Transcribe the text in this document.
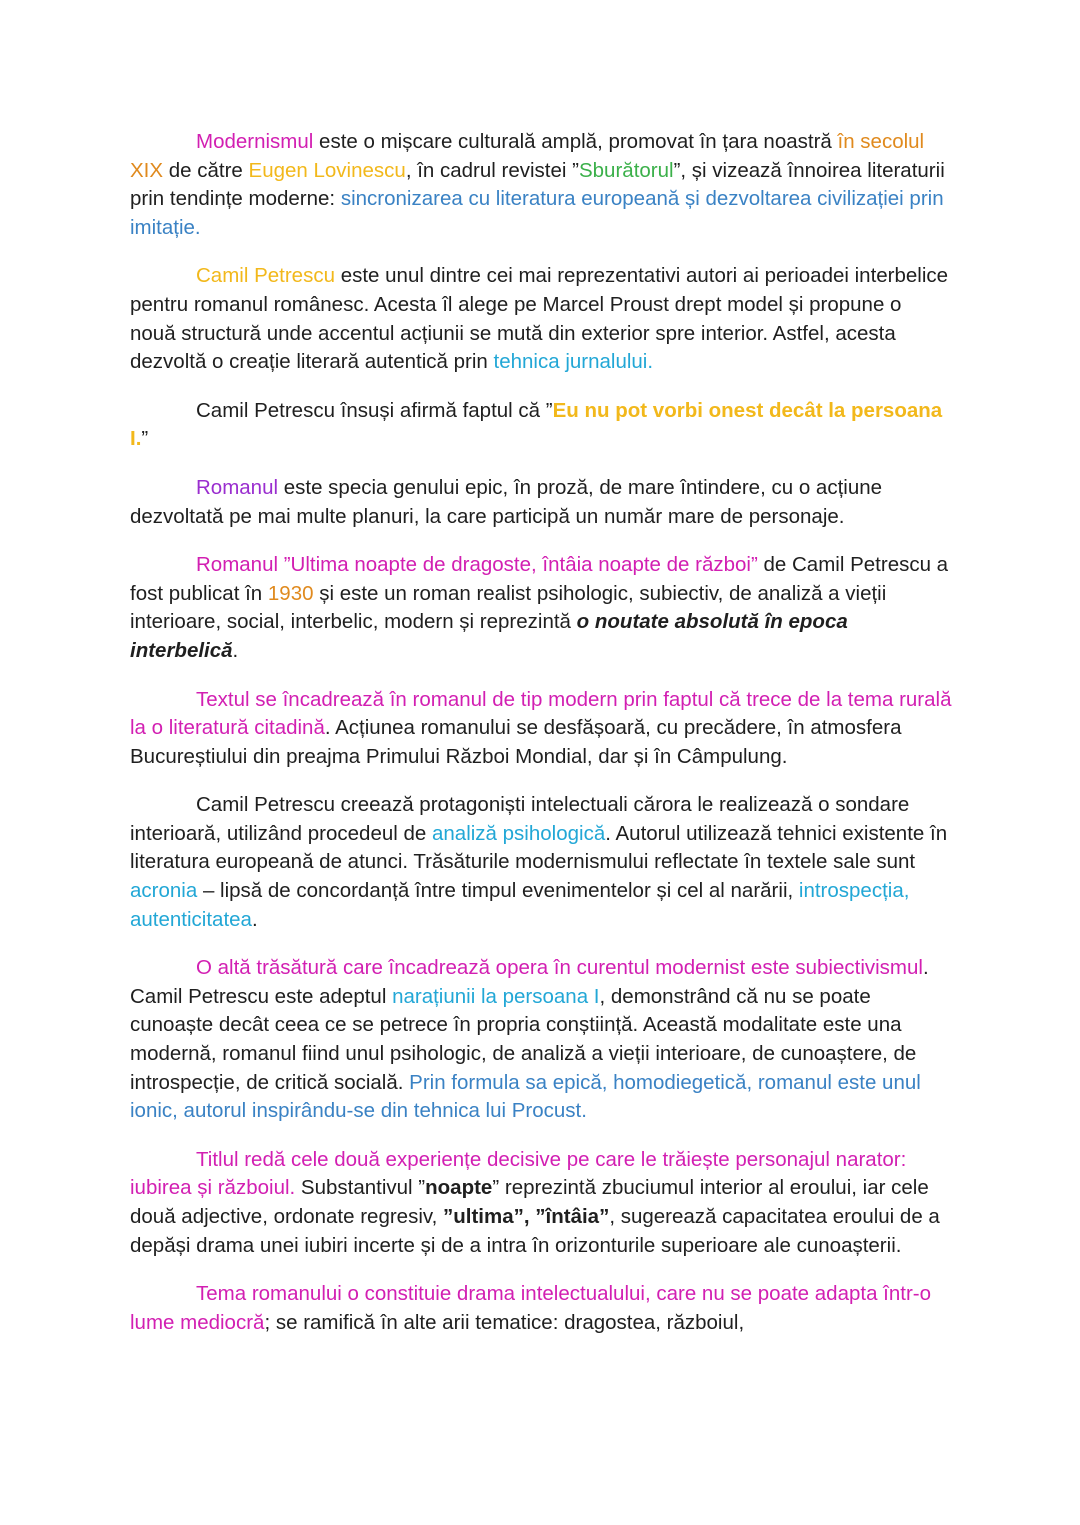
Modernismul este o mișcare culturală amplă, promovat în țara noastră în secolul XIX de către Eugen Lovinescu, în cadrul revistei ”Sburătorul”, și vizează înnoirea literaturii prin tendințe moderne: sincronizarea cu literatura europeană și dezvoltarea civilizației prin imitație.

Camil Petrescu este unul dintre cei mai reprezentativi autori ai perioadei interbelice pentru romanul românesc. Acesta îl alege pe Marcel Proust drept model și propune o nouă structură unde accentul acțiunii se mută din exterior spre interior. Astfel, acesta dezvoltă o creație literară autentică prin tehnica jurnalului.

Camil Petrescu însuși afirmă faptul că ”Eu nu pot vorbi onest decât la persoana I.”

Romanul este specia genului epic, în proză, de mare întindere, cu o acțiune dezvoltată pe mai multe planuri, la care participă un număr mare de personaje.

Romanul ”Ultima noapte de dragoste, întâia noapte de război” de Camil Petrescu a fost publicat în 1930 și este un roman realist psihologic, subiectiv, de analiză a vieții interioare, social, interbelic, modern și reprezintă o noutate absolută în epoca interbelică.

Textul se încadrează în romanul de tip modern prin faptul că trece de la tema rurală la o literatură citadină. Acțiunea romanului se desfășoară, cu precădere, în atmosfera Bucureștiului din preajma Primului Război Mondial, dar și în Câmpulung.

Camil Petrescu creează protagoniști intelectuali cărora le realizează o sondare interioară, utilizând procedeul de analiză psihologică. Autorul utilizează tehnici existente în literatura europeană de atunci. Trăsăturile modernismului reflectate în textele sale sunt acronia – lipsă de concordanță între timpul evenimentelor și cel al narării, introspecția, autenticitatea.

O altă trăsătură care încadrează opera în curentul modernist este subiectivismul. Camil Petrescu este adeptul narațiunii la persoana I, demonstrând că nu se poate cunoaște decât ceea ce se petrece în propria conștiință. Această modalitate este una modernă, romanul fiind unul psihologic, de analiză a vieții interioare, de cunoaștere, de introspecție, de critică socială. Prin formula sa epică, homodiegetică, romanul este unul ionic, autorul inspirându-se din tehnica lui Procust.

Titlul redă cele două experiențe decisive pe care le trăiește personajul narator: iubirea și războiul. Substantivul ”noapte” reprezintă zbuciumul interior al eroului, iar cele două adjective, ordonate regresiv, ”ultima”, ”întâia”, sugerează capacitatea eroului de a depăși drama unei iubiri incerte și de a intra în orizonturile superioare ale cunoașterii.

Tema romanului o constituie drama intelectualului, care nu se poate adapta într-o lume mediocră; se ramifică în alte arii tematice: dragostea, războiul,
